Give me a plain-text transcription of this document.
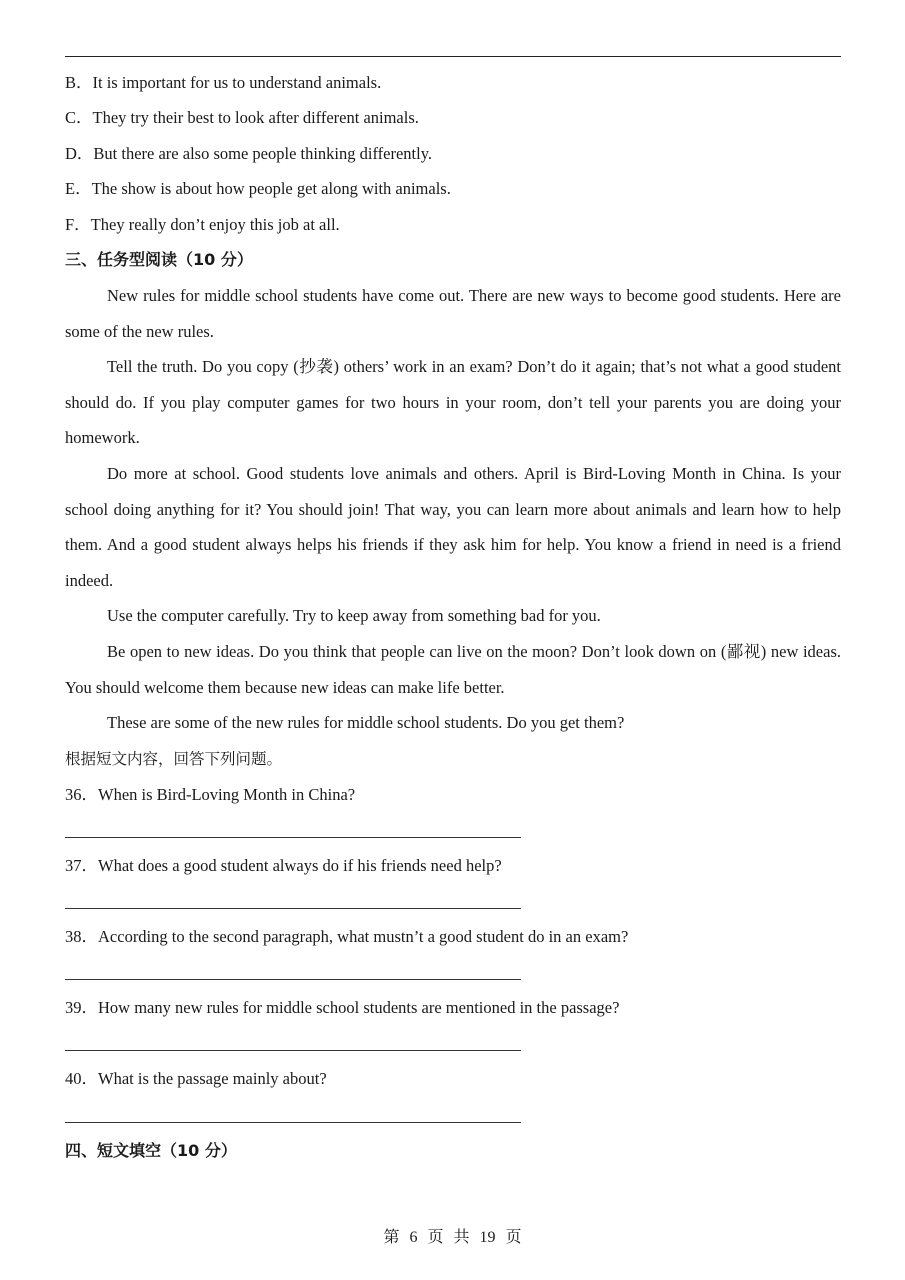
B．It is important for us to understand animals.
C．They try their best to look after different animals.
D．But there are also some people thinking differently.
E．The show is about how people get along with animals.
F．They really don’t enjoy this job at all.
三、任务型阅读（10 分）
New rules for middle school students have come out. There are new ways to become good students. Here are some of the new rules.
Tell the truth. Do you copy (抄袭) others’ work in an exam? Don’t do it again; that’s not what a good student should do. If you play computer games for two hours in your room, don’t tell your parents you are doing your homework.
Do more at school. Good students love animals and others. April is Bird-Loving Month in China. Is your school doing anything for it? You should join! That way, you can learn more about animals and learn how to help them. And a good student always helps his friends if they ask him for help. You know a friend in need is a friend indeed.
Use the computer carefully. Try to keep away from something bad for you.
Be open to new ideas. Do you think that people can live on the moon? Don’t look down on (鄙视) new ideas. You should welcome them because new ideas can make life better.
These are some of the new rules for middle school students. Do you get them?
根据短文内容，回答下列问题。
36．When is Bird-Loving Month in China?
37．What does a good student always do if his friends need help?
38．According to the second paragraph, what mustn’t a good student do in an exam?
39．How many new rules for middle school students are mentioned in the passage?
40．What is the passage mainly about?
四、短文填空（10 分）
第 6 页 共 19 页
